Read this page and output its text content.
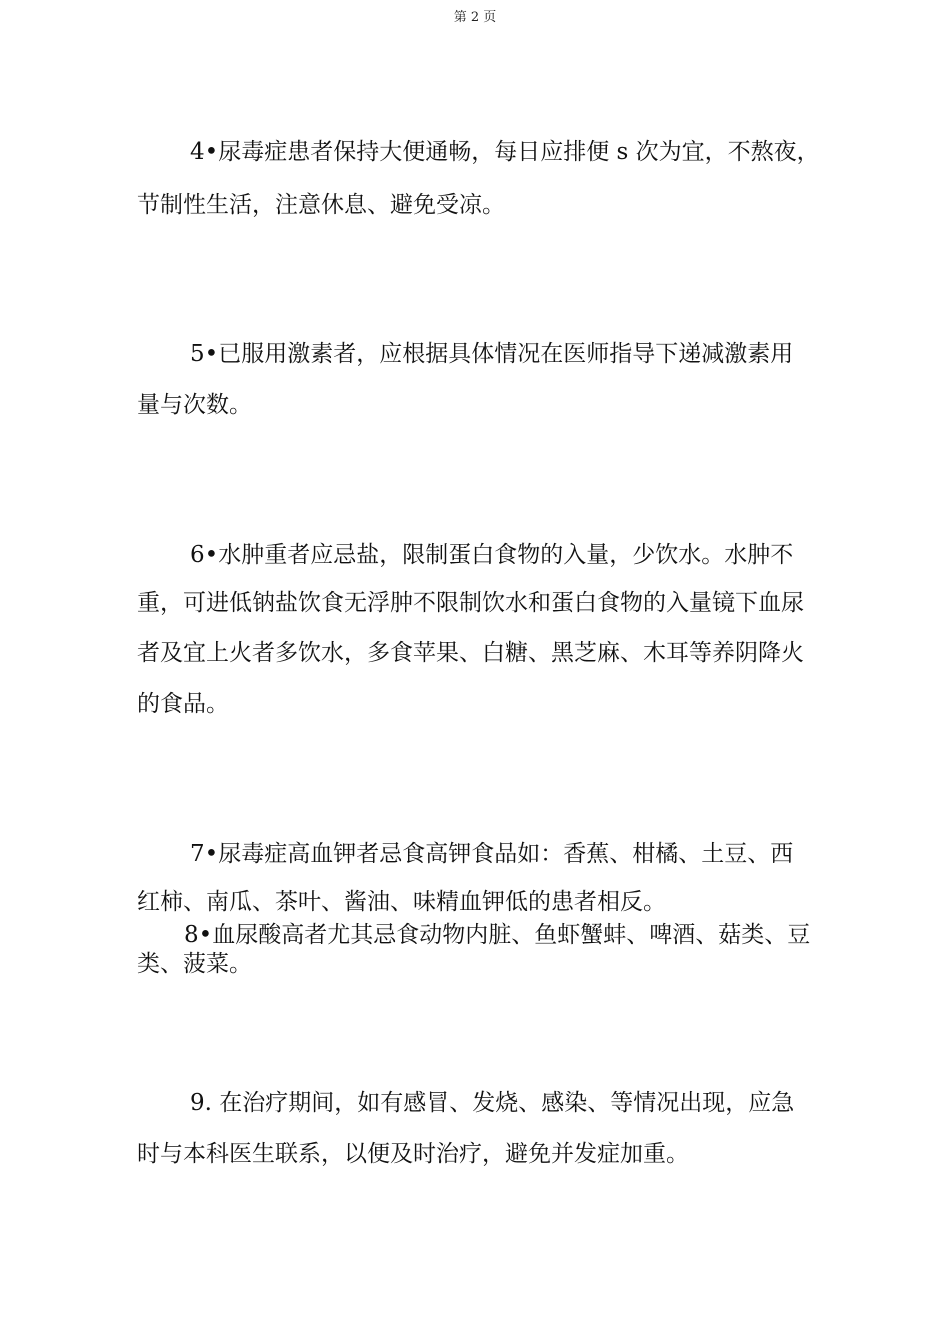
第 2 页
4•尿毒症患者保持大便通畅，每日应排便 s 次为宜，不熬夜，
节制性生活，注意休息、避免受凉。
5•已服用激素者，应根据具体情况在医师指导下递减激素用
量与次数。
6•水肿重者应忌盐，限制蛋白食物的入量，少饮水。水肿不
重，可进低钠盐饮食无浮肿不限制饮水和蛋白食物的入量镜下血尿
者及宜上火者多饮水，多食苹果、白糖、黑芝麻、木耳等养阴降火
的食品。
7•尿毒症高血钾者忌食高钾食品如：香蕉、柑橘、土豆、西
红柿、南瓜、茶叶、酱油、味精血钾低的患者相反。
8•血尿酸高者尤其忌食动物内脏、鱼虾蟹蚌、啤酒、菇类、豆
类、菠菜。
9. 在治疗期间，如有感冒、发烧、感染、等情况出现，应急
时与本科医生联系，以便及时治疗，避免并发症加重。
